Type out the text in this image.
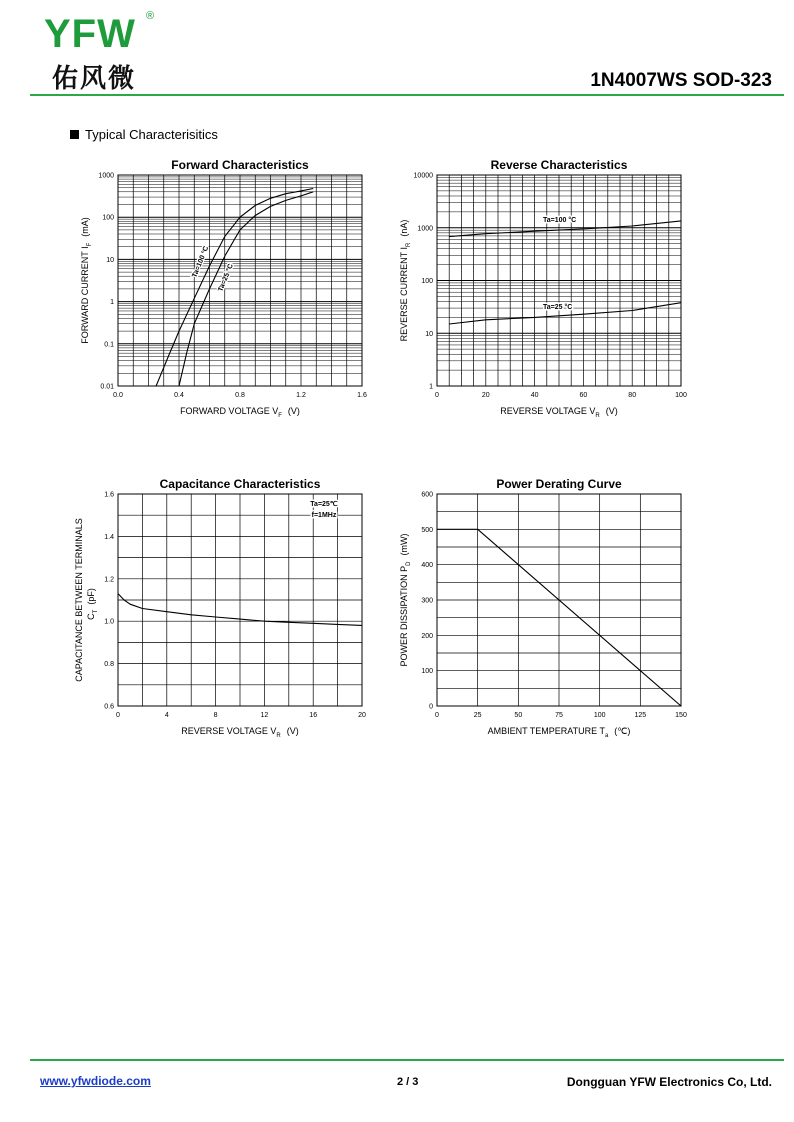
YFW ®
佑风微	1N4007WS SOD-323
Typical Characterisitics
0.0	0.4	0.8	1.2	1.6
0.01
0.1
1
10
100
1000
Forward Characteristics
FORWARD VOLTAGE $V_F$ (V)
FORWARD CURRENT $I_F(mA)$
Ta=100 °C Ta=25 °C
0	20	40	60	80	100
1
10
100
1000
10000
Reverse Characteristics
REVERSE VOLTAGE $V_R$ (V)
REVERSE CURRENT $I_R(nA)$	Ta=100 °C
Ta=25 °C
0	4	8	12	16	20
0.6
0.8
1.0
1.2
1.4
1.6
Capacitance Characteristics
REVERSE VOLTAGE $V_R$ (V)
CAPACITANCE BETWEEN TERMINALS $C_T(pF)$
Ta=25℃
f=1MHz
0	25	50	75	100	125	150
0
100
200
300
400
500
600
Power Derating Curve
AMBIENT TEMPERATURE $T_a$ (℃)
POWER DISSIPATION $P_D(mW)$
www.yfwdiode.com	2 / 3	Dongguan YFW Electronics Co, Ltd.
